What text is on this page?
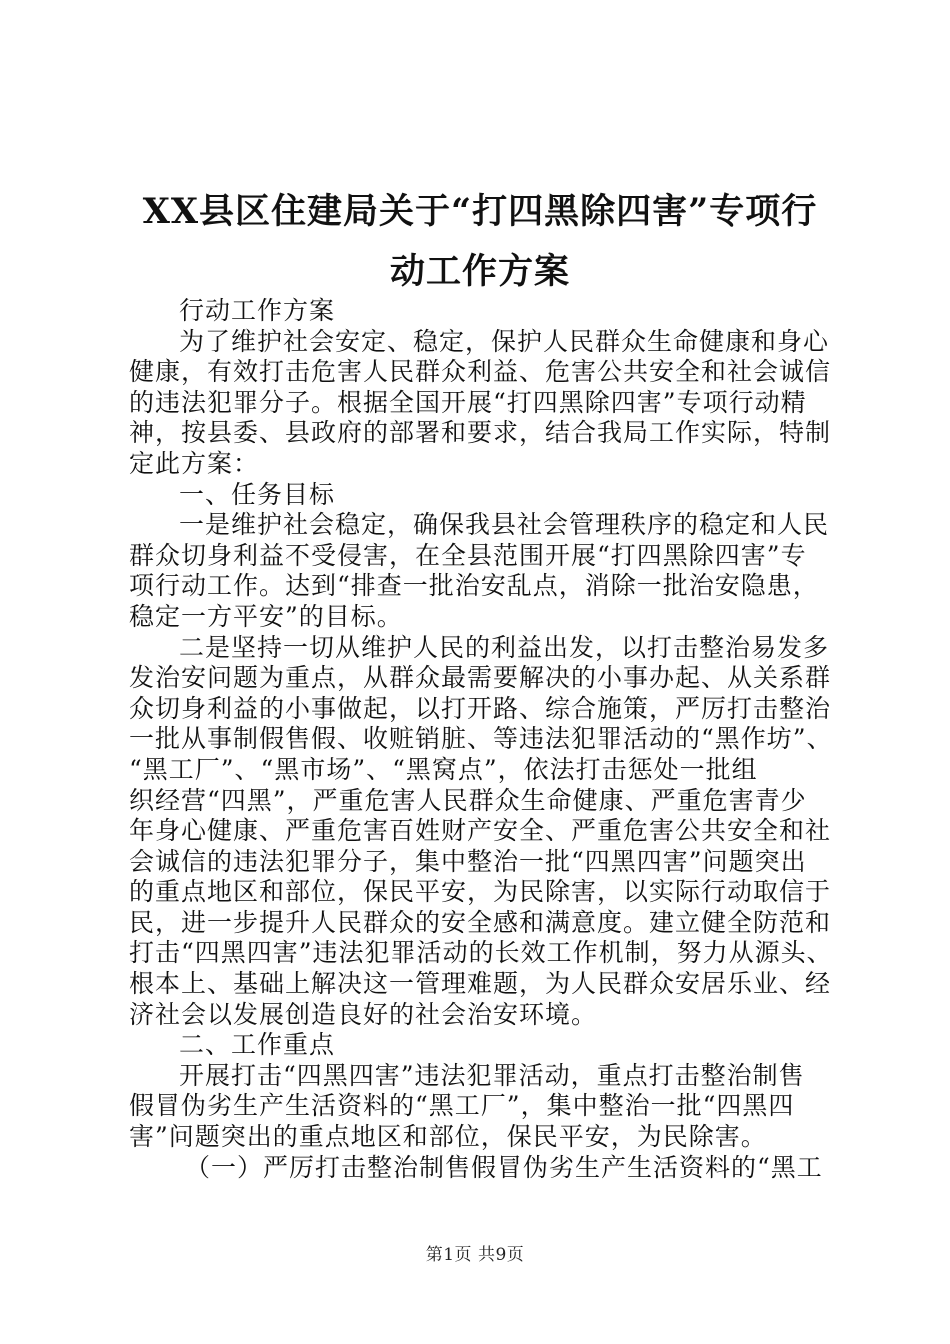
XX县区住建局关于“打四黑除四害”专项行
动工作方案
行动工作方案
为了维护社会安定、稳定，保护人民群众生命健康和身心
健康，有效打击危害人民群众利益、危害公共安全和社会诚信
的违法犯罪分子。根据全国开展“打四黑除四害”专项行动精
神，按县委、县政府的部署和要求，结合我局工作实际，特制
定此方案：
一、任务目标
一是维护社会稳定，确保我县社会管理秩序的稳定和人民
群众切身利益不受侵害，在全县范围开展“打四黑除四害”专
项行动工作。达到“排查一批治安乱点，消除一批治安隐患，
稳定一方平安”的目标。
二是坚持一切从维护人民的利益出发，以打击整治易发多
发治安问题为重点，从群众最需要解决的小事办起、从关系群
众切身利益的小事做起，以打开路、综合施策，严厉打击整治
一批从事制假售假、收赃销脏、等违法犯罪活动的“黑作坊”、
“黑工厂”、“黑市场”、“黑窝点”，依法打击惩处一批组
织经营“四黑”，严重危害人民群众生命健康、严重危害青少
年身心健康、严重危害百姓财产安全、严重危害公共安全和社
会诚信的违法犯罪分子，集中整治一批“四黑四害”问题突出
的重点地区和部位，保民平安，为民除害，以实际行动取信于
民，进一步提升人民群众的安全感和满意度。建立健全防范和
打击“四黑四害”违法犯罪活动的长效工作机制，努力从源头、
根本上、基础上解决这一管理难题，为人民群众安居乐业、经
济社会以发展创造良好的社会治安环境。
二、工作重点
开展打击“四黑四害”违法犯罪活动，重点打击整治制售
假冒伪劣生产生活资料的“黑工厂”，集中整治一批“四黑四
害”问题突出的重点地区和部位，保民平安，为民除害。
（一）严厉打击整治制售假冒伪劣生产生活资料的“黑工
第1页 共9页
